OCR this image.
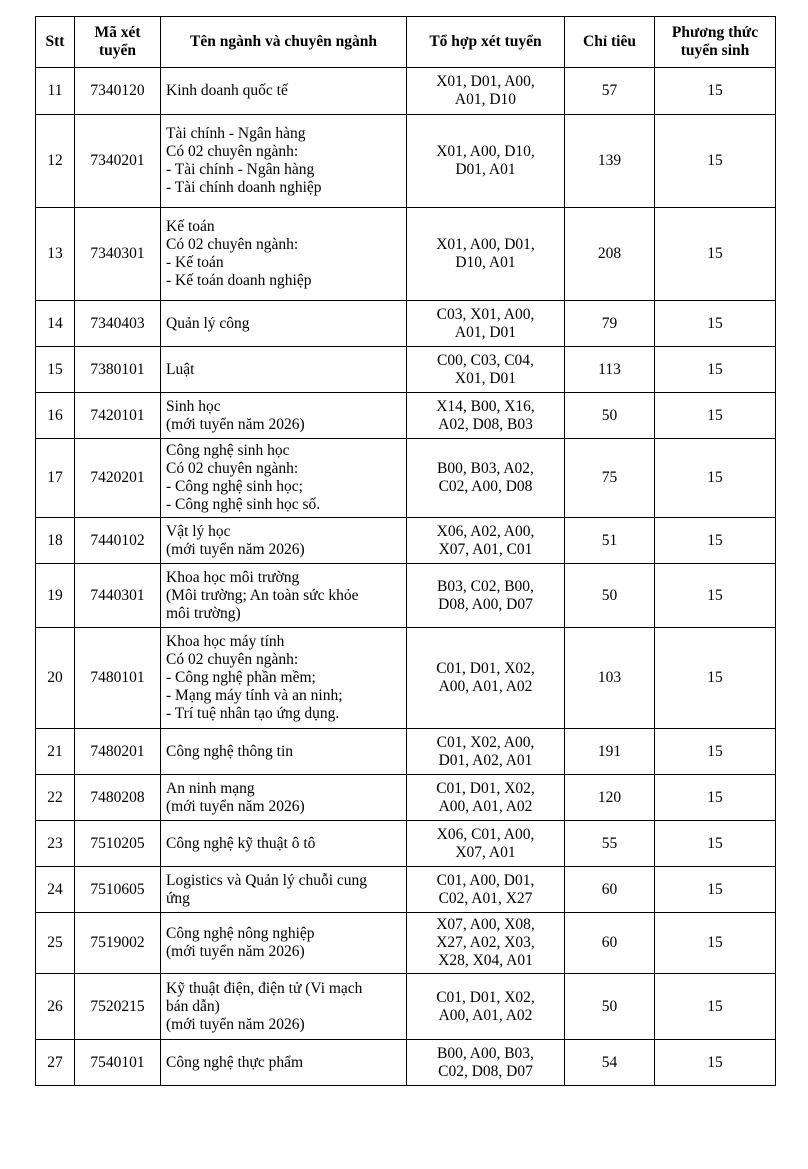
Stt	Mã xét tuyển	Tên ngành và chuyên ngành	Tổ hợp xét tuyển	Chỉ tiêu	Phương thức tuyển sinh
11	7340120	Kinh doanh quốc tế	X01, D01, A00,
A01, D10	57	15
12	7340201	Tài chính - Ngân hàng
Có 02 chuyên ngành:
- Tài chính - Ngân hàng
- Tài chính doanh nghiệp	X01, A00, D10,
D01, A01	139	15
13	7340301	Kế toán
Có 02 chuyên ngành:
- Kế toán
- Kế toán doanh nghiệp	X01, A00, D01,
D10, A01	208	15
14	7340403	Quản lý công	C03, X01, A00,
A01, D01	79	15
15	7380101	Luật	C00, C03, C04,
X01, D01	113	15
16	7420101	Sinh học
(mới tuyển năm 2026)	X14, B00, X16,
A02, D08, B03	50	15
17	7420201	Công nghệ sinh học
Có 02 chuyên ngành:
- Công nghệ sinh học;
- Công nghệ sinh học số.	B00, B03, A02,
C02, A00, D08	75	15
18	7440102	Vật lý học
(mới tuyển năm 2026)	X06, A02, A00,
X07, A01, C01	51	15
19	7440301	Khoa học môi trường
(Môi trường; An toàn sức khỏe
môi trường)	B03, C02, B00,
D08, A00, D07	50	15
20	7480101	Khoa học máy tính
Có 02 chuyên ngành:
- Công nghệ phần mềm;
- Mạng máy tính và an ninh;
- Trí tuệ nhân tạo ứng dụng.	C01, D01, X02,
A00, A01, A02	103	15
21	7480201	Công nghệ thông tin	C01, X02, A00,
D01, A02, A01	191	15
22	7480208	An ninh mạng
(mới tuyển năm 2026)	C01, D01, X02,
A00, A01, A02	120	15
23	7510205	Công nghệ kỹ thuật ô tô	X06, C01, A00,
X07, A01	55	15
24	7510605	Logistics và Quản lý chuỗi cung
ứng	C01, A00, D01,
C02, A01, X27	60	15
25	7519002	Công nghệ nông nghiệp
(mới tuyển năm 2026)	X07, A00, X08,
X27, A02, X03,
X28, X04, A01	60	15
26	7520215	Kỹ thuật điện, điện tử (Vi mạch
bán dẫn)
(mới tuyển năm 2026)	C01, D01, X02,
A00, A01, A02	50	15
27	7540101	Công nghệ thực phẩm	B00, A00, B03,
C02, D08, D07	54	15
